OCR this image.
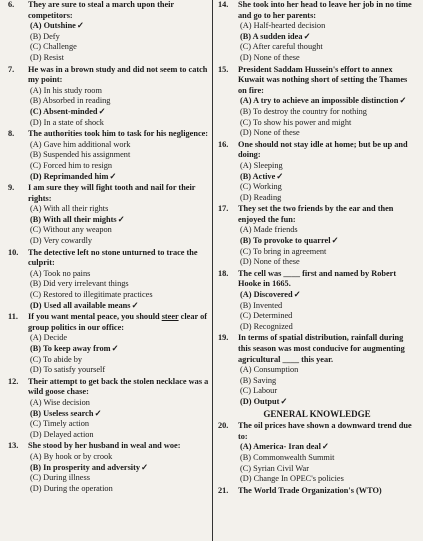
6. They are sure to steal a march upon their competitors:
(A) Outshine✓
(B) Defy
(C) Challenge
(D) Resist
7. He was in a brown study and did not seem to catch my point:
(A) In his study room
(B) Absorbed in reading
(C) Absent-minded✓
(D) In a state of shock
8. The authorities took him to task for his negligence:
(A) Gave him additional work
(B) Suspended his assignment
(C) Forced him to resign
(D) Reprimanded him✓
9. I am sure they will fight tooth and nail for their rights:
(A) With all their rights
(B) With all their mights✓
(C) Without any weapon
(D) Very cowardly
10. The detective left no stone unturned to trace the culprit:
(A) Took no pains
(B) Did very irrelevant things
(C) Restored to illegitimate practices
(D) Used all available means✓
11. If you want mental peace, you should steer clear of group politics in our office:
(A) Decide
(B) To keep away from✓
(C) To abide by
(D) To satisfy yourself
12. Their attempt to get back the stolen necklace was a wild goose chase:
(A) Wise decision
(B) Useless search✓
(C) Timely action
(D) Delayed action
13. She stood by her husband in weal and woe:
(A) By hook or by crook
(B) In prosperity and adversity✓
(C) During illness
(D) During the operation
14. She took into her head to leave her job in no time and go to her parents:
(A) Half-hearted decision
(B) A sudden idea✓
(C) After careful thought
(D) None of these
15. President Saddam Hussein's effort to annex Kuwait was nothing short of setting the Thames on fire:
(A) A try to achieve an impossible distinction✓
(B) To destroy the country for nothing
(C) To show his power and might
(D) None of these
16. One should not stay idle at home; but be up and doing:
(A) Sleeping
(B) Active✓
(C) Working
(D) Reading
17. They set the two friends by the ear and then enjoyed the fun:
(A) Made friends
(B) To provoke to quarrel✓
(C) To bring in agreement
(D) None of these
18. The cell was ____ first and named by Robert Hooke in 1665.
(A) Discovered✓
(B) Invented
(C) Determined
(D) Recognized
19. In terms of spatial distribution, rainfall during this season was most conducive for augmenting agricultural ____ this year.
(A) Consumption
(B) Saving
(C) Labour
(D) Output✓
GENERAL KNOWLEDGE
20. The oil prices have shown a downward trend due to:
(A) America- Iran deal✓
(B) Commonwealth Summit
(C) Syrian Civil War
(D) Change In OPEC's policies
21. The World Trade Organization's (WTO)
